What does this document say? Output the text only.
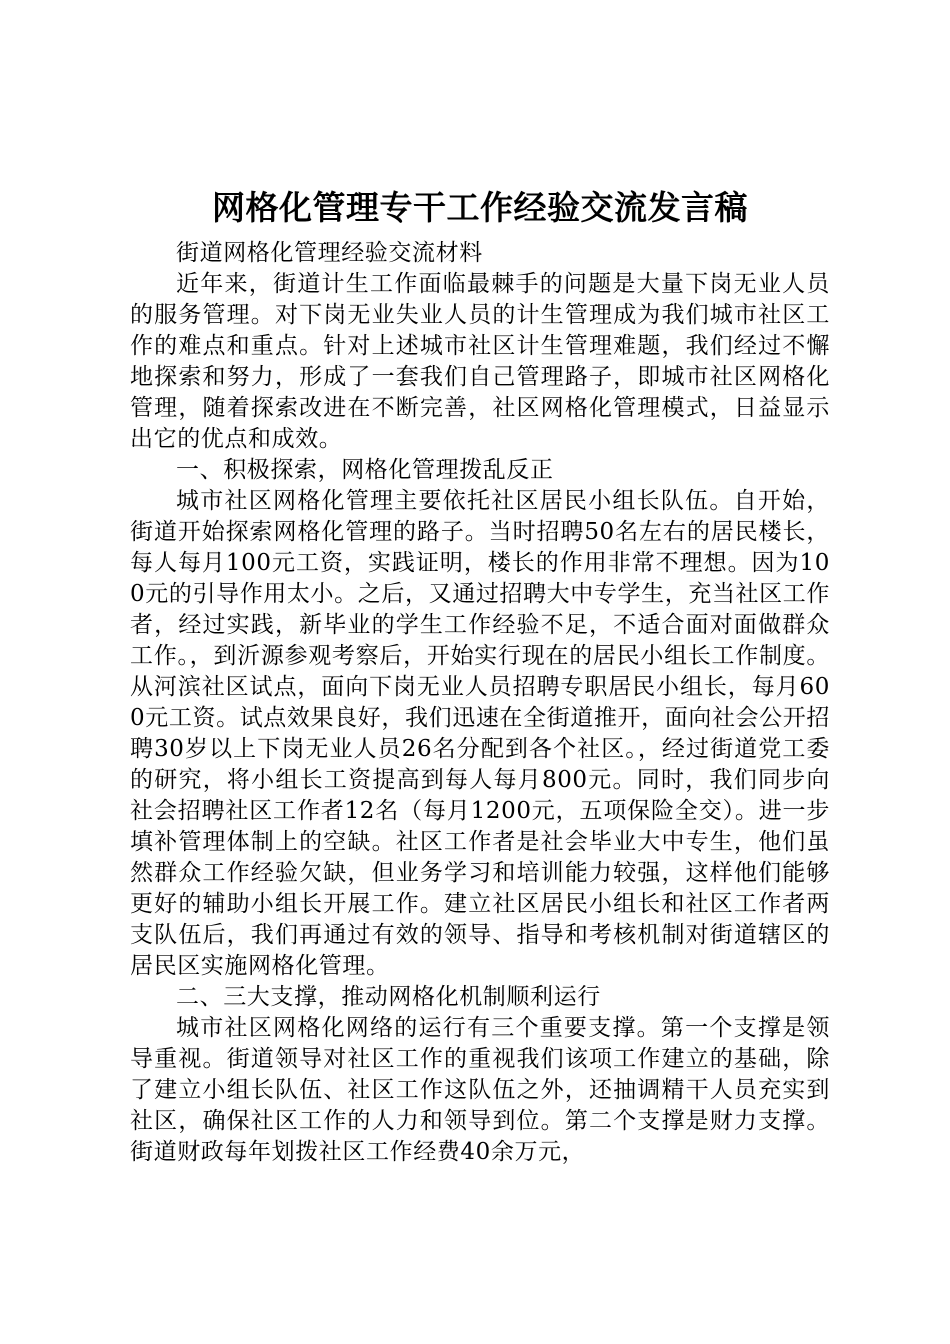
网格化管理专干工作经验交流发言稿

街道网格化管理经验交流材料

近年来，街道计生工作面临最棘手的问题是大量下岗无业人员的服务管理。对下岗无业失业人员的计生管理成为我们城市社区工作的难点和重点。针对上述城市社区计生管理难题，我们经过不懈地探索和努力，形成了一套我们自己管理路子，即城市社区网格化管理，随着探索改进在不断完善，社区网格化管理模式，日益显示出它的优点和成效。

一、积极探索，网格化管理拨乱反正

城市社区网格化管理主要依托社区居民小组长队伍。自开始，街道开始探索网格化管理的路子。当时招聘50名左右的居民楼长，每人每月100元工资，实践证明，楼长的作用非常不理想。因为100元的引导作用太小。之后，又通过招聘大中专学生，充当社区工作者，经过实践，新毕业的学生工作经验不足，不适合面对面做群众工作。，到沂源参观考察后，开始实行现在的居民小组长工作制度。从河滨社区试点，面向下岗无业人员招聘专职居民小组长，每月600元工资。试点效果良好，我们迅速在全街道推开，面向社会公开招聘30岁以上下岗无业人员26名分配到各个社区。，经过街道党工委的研究，将小组长工资提高到每人每月800元。同时，我们同步向社会招聘社区工作者12名（每月1200元，五项保险全交）。进一步填补管理体制上的空缺。社区工作者是社会毕业大中专生，他们虽然群众工作经验欠缺，但业务学习和培训能力较强，这样他们能够更好的辅助小组长开展工作。建立社区居民小组长和社区工作者两支队伍后，我们再通过有效的领导、指导和考核机制对街道辖区的居民区实施网格化管理。

二、三大支撑，推动网格化机制顺利运行

城市社区网格化网络的运行有三个重要支撑。第一个支撑是领导重视。街道领导对社区工作的重视我们该项工作建立的基础，除了建立小组长队伍、社区工作这队伍之外，还抽调精干人员充实到社区，确保社区工作的人力和领导到位。第二个支撑是财力支撑。街道财政每年划拨社区工作经费40余万元，
